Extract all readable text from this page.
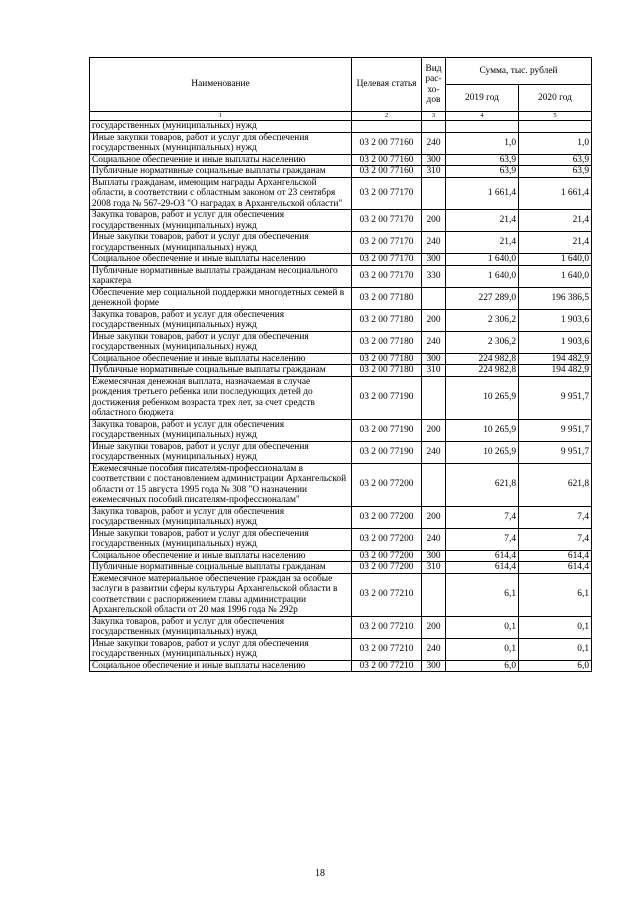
Наименование	Целевая статья	Вид рас-хо-дов	Сумма, тыс. рублей	
			2019 год	2020 год
1	2	3	4	5
государственных (муниципальных) нужд				
Иные закупки товаров, работ и услуг для обеспечения государственных (муниципальных) нужд	03 2 00 77160	240	1,0	1,0
Социальное обеспечение и иные выплаты населению	03 2 00 77160	300	63,9	63,9
Публичные нормативные социальные выплаты гражданам	03 2 00 77160	310	63,9	63,9
Выплаты гражданам, имеющим награды Архангельской области, в соответствии с областным законом от 23 сентября 2008 года № 567-29-ОЗ "О наградах в Архангельской области"	03 2 00 77170		1 661,4	1 661,4
Закупка товаров, работ и услуг для обеспечения государственных (муниципальных) нужд	03 2 00 77170	200	21,4	21,4
Иные закупки товаров, работ и услуг для обеспечения государственных (муниципальных) нужд	03 2 00 77170	240	21,4	21,4
Социальное обеспечение и иные выплаты населению	03 2 00 77170	300	1 640,0	1 640,0
Публичные нормативные выплаты гражданам несоциального характера	03 2 00 77170	330	1 640,0	1 640,0
Обеспечение мер социальной поддержки многодетных семей в денежной форме	03 2 00 77180		227 289,0	196 386,5
Закупка товаров, работ и услуг для обеспечения государственных (муниципальных) нужд	03 2 00 77180	200	2 306,2	1 903,6
Иные закупки товаров, работ и услуг для обеспечения государственных (муниципальных) нужд	03 2 00 77180	240	2 306,2	1 903,6
Социальное обеспечение и иные выплаты населению	03 2 00 77180	300	224 982,8	194 482,9
Публичные нормативные социальные выплаты гражданам	03 2 00 77180	310	224 982,8	194 482,9
Ежемесячная денежная выплата, назначаемая в случае рождения третьего ребенка или последующих детей до достижения ребенком возраста трех лет, за счет средств областного бюджета	03 2 00 77190		10 265,9	9 951,7
Закупка товаров, работ и услуг для обеспечения государственных (муниципальных) нужд	03 2 00 77190	200	10 265,9	9 951,7
Иные закупки товаров, работ и услуг для обеспечения государственных (муниципальных) нужд	03 2 00 77190	240	10 265,9	9 951,7
Ежемесячные пособия писателям-профессионалам в соответствии с постановлением администрации Архангельской области от 15 августа 1995 года № 308 "О назначении ежемесячных пособий писателям-профессионалам"	03 2 00 77200		621,8	621,8
Закупка товаров, работ и услуг для обеспечения государственных (муниципальных) нужд	03 2 00 77200	200	7,4	7,4
Иные закупки товаров, работ и услуг для обеспечения государственных (муниципальных) нужд	03 2 00 77200	240	7,4	7,4
Социальное обеспечение и иные выплаты населению	03 2 00 77200	300	614,4	614,4
Публичные нормативные социальные выплаты гражданам	03 2 00 77200	310	614,4	614,4
Ежемесячное материальное обеспечение граждан за особые заслуги в развитии сферы культуры Архангельской области в соответствии с распоряжением главы администрации Архангельской области от 20 мая 1996 года № 292р	03 2 00 77210		6,1	6,1
Закупка товаров, работ и услуг для обеспечения государственных (муниципальных) нужд	03 2 00 77210	200	0,1	0,1
Иные закупки товаров, работ и услуг для обеспечения государственных (муниципальных) нужд	03 2 00 77210	240	0,1	0,1
Социальное обеспечение и иные выплаты населению	03 2 00 77210	300	6,0	6,0
18
